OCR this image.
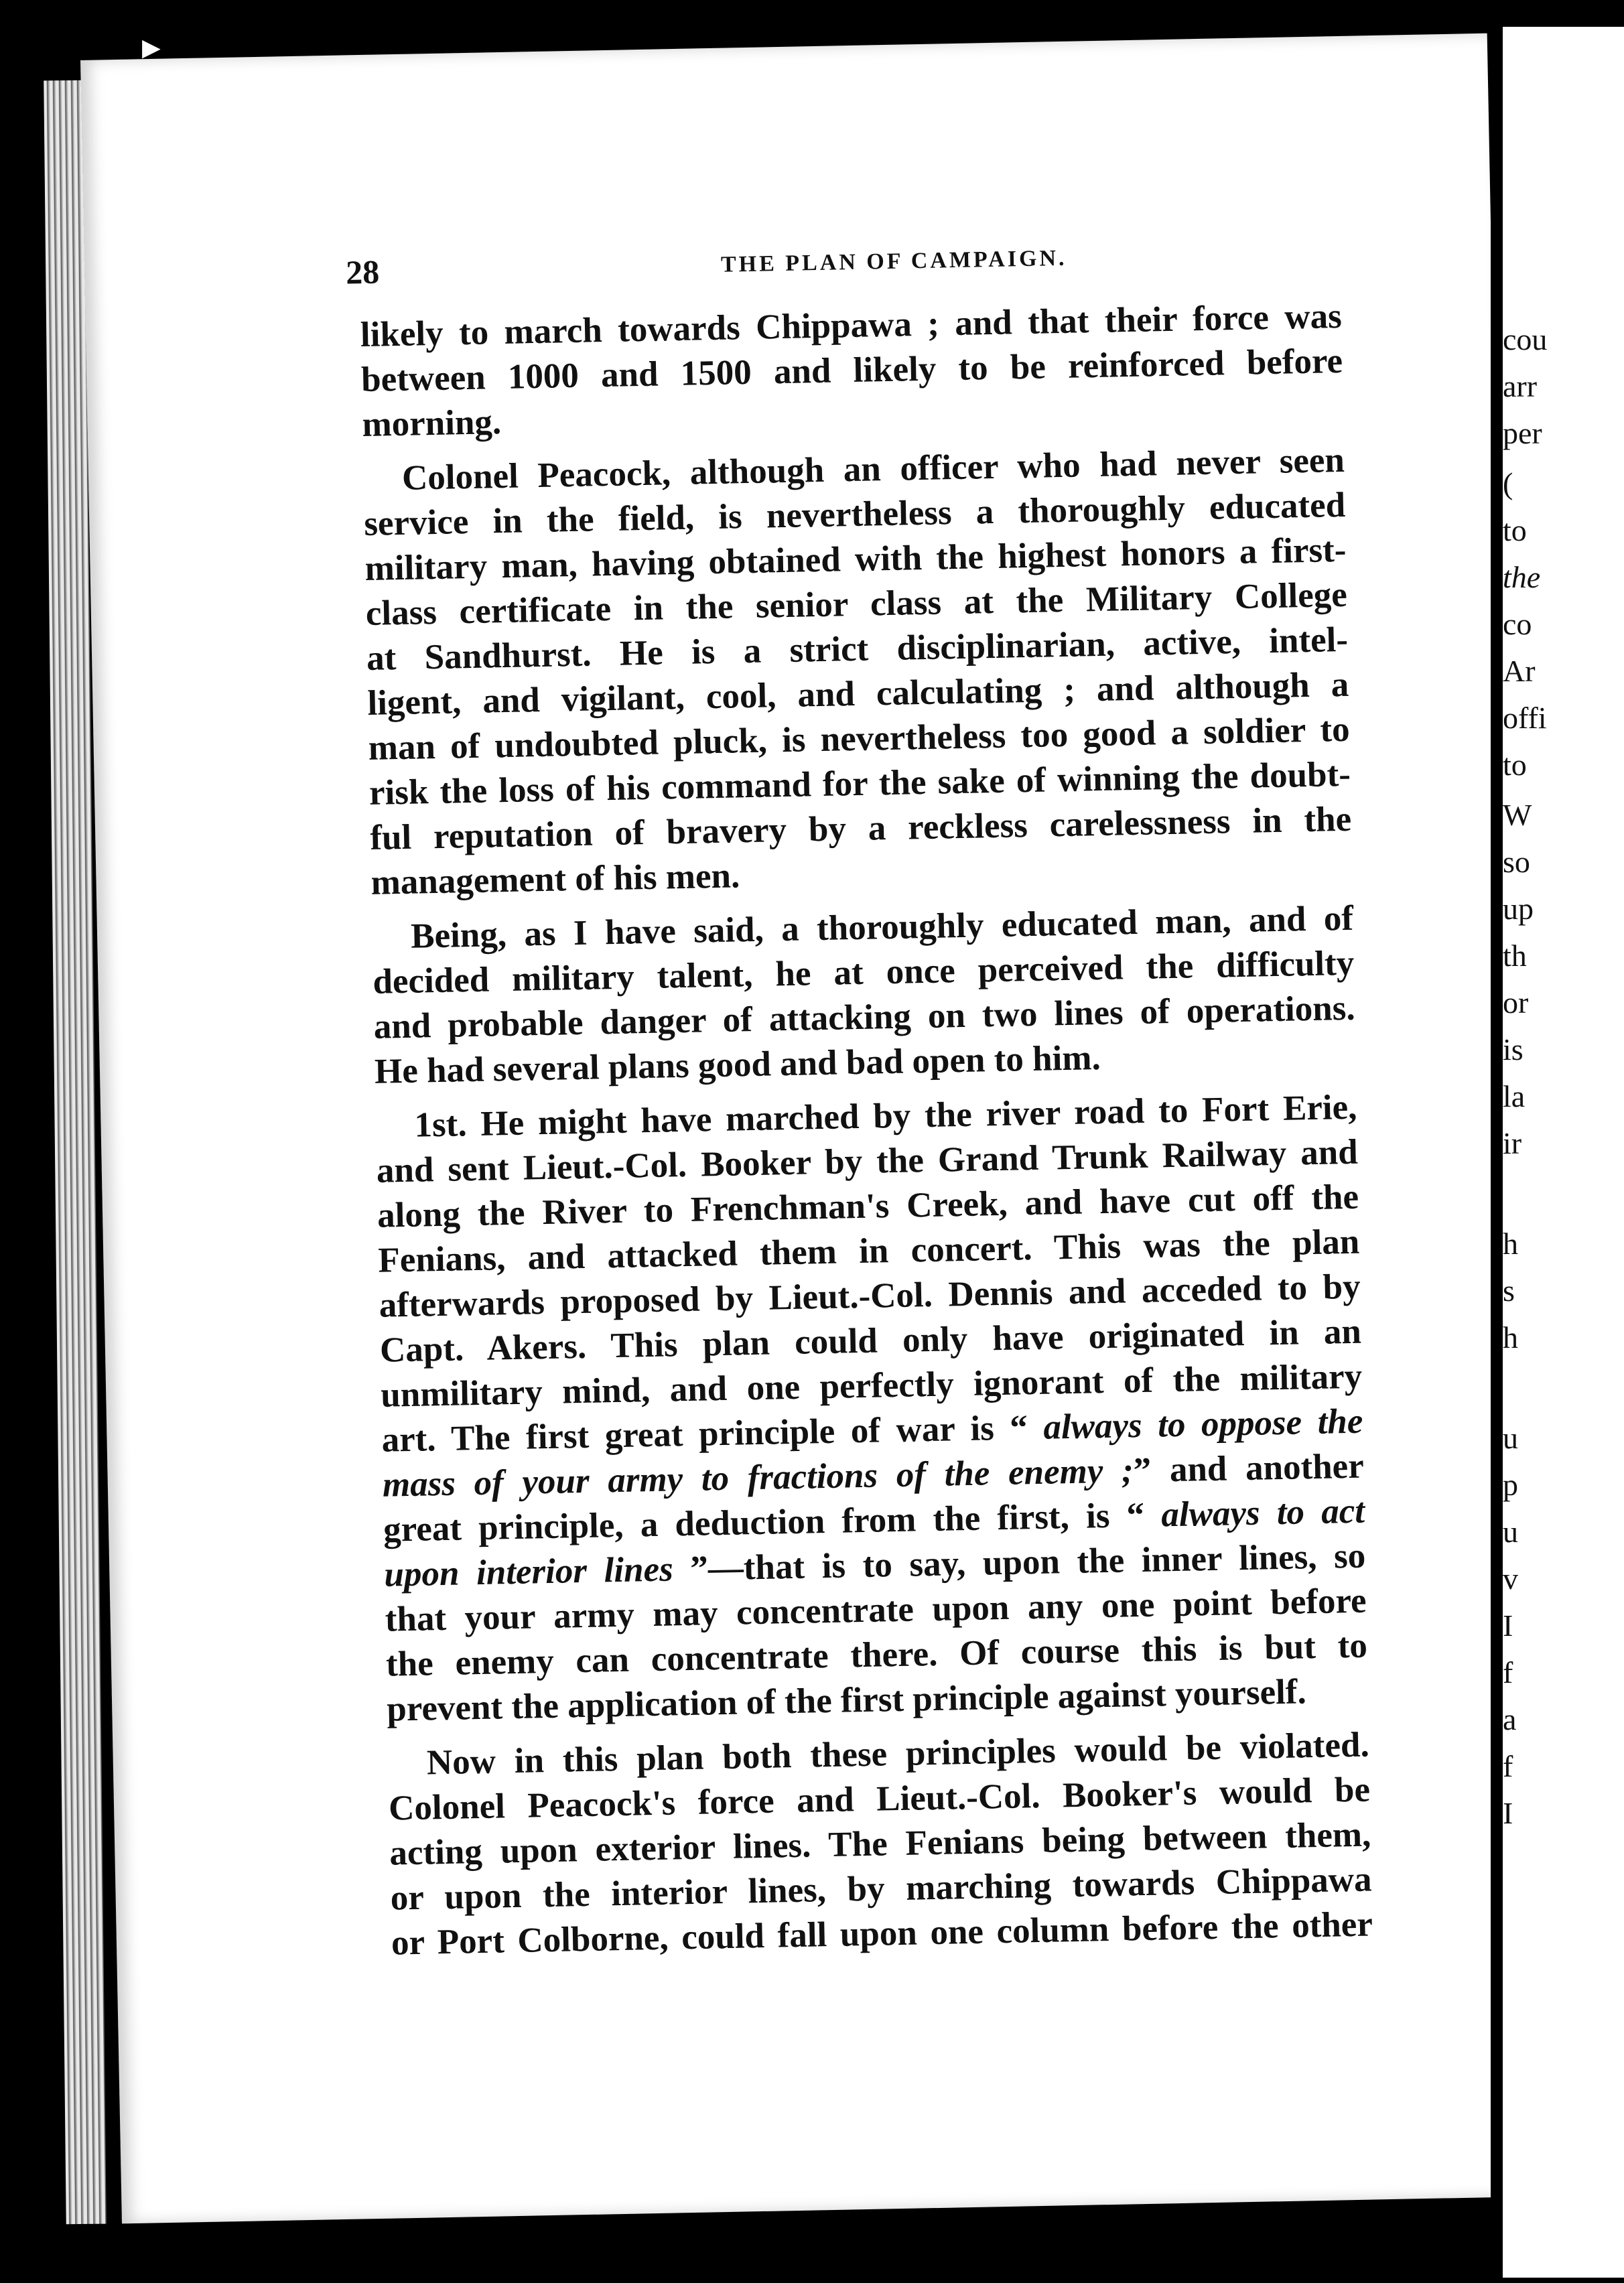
▶

28	THE PLAN OF CAMPAIGN.

likely to march towards Chippawa ; and that their force was

between 1000 and 1500 and likely to be reinforced before

morning.

Colonel Peacock, although an officer who had never seen

service in the field, is nevertheless a thoroughly educated

military man, having obtained with the highest honors a first-

class certificate in the senior class at the Military College

at Sandhurst. He is a strict disciplinarian, active, intel-

ligent, and vigilant, cool, and calculating ; and although a

man of undoubted pluck, is nevertheless too good a soldier to

risk the loss of his command for the sake of winning the doubt-

ful reputation of bravery by a reckless carelessness in the

management of his men.

Being, as I have said, a thoroughly educated man, and of

decided military talent, he at once perceived the difficulty

and probable danger of attacking on two lines of operations.

He had several plans good and bad open to him.

1st. He might have marched by the river road to Fort Erie,

and sent Lieut.-Col. Booker by the Grand Trunk Railway and

along the River to Frenchman's Creek, and have cut off the

Fenians, and attacked them in concert. This was the plan

afterwards proposed by Lieut.-Col. Dennis and acceded to by

Capt. Akers. This plan could only have originated in an

unmilitary mind, and one perfectly ignorant of the military

art. The first great principle of war is “ always to oppose the

mass of your army to fractions of the enemy ;” and another

great principle, a deduction from the first, is “ always to act

upon interior lines ”—that is to say, upon the inner lines, so

that your army may concentrate upon any one point before

the enemy can concentrate there. Of course this is but to

prevent the application of the first principle against yourself.

Now in this plan both these principles would be violated.

Colonel Peacock's force and Lieut.-Col. Booker's would be

acting upon exterior lines. The Fenians being between them,

or upon the interior lines, by marching towards Chippawa

or Port Colborne, could fall upon one column before the other

cou

arr

per

(

to

the

co

Ar

offi

to

W

so

up

th

or

is

la

ir

h

s

h

u

p

u

v

I

f

a

f

I
